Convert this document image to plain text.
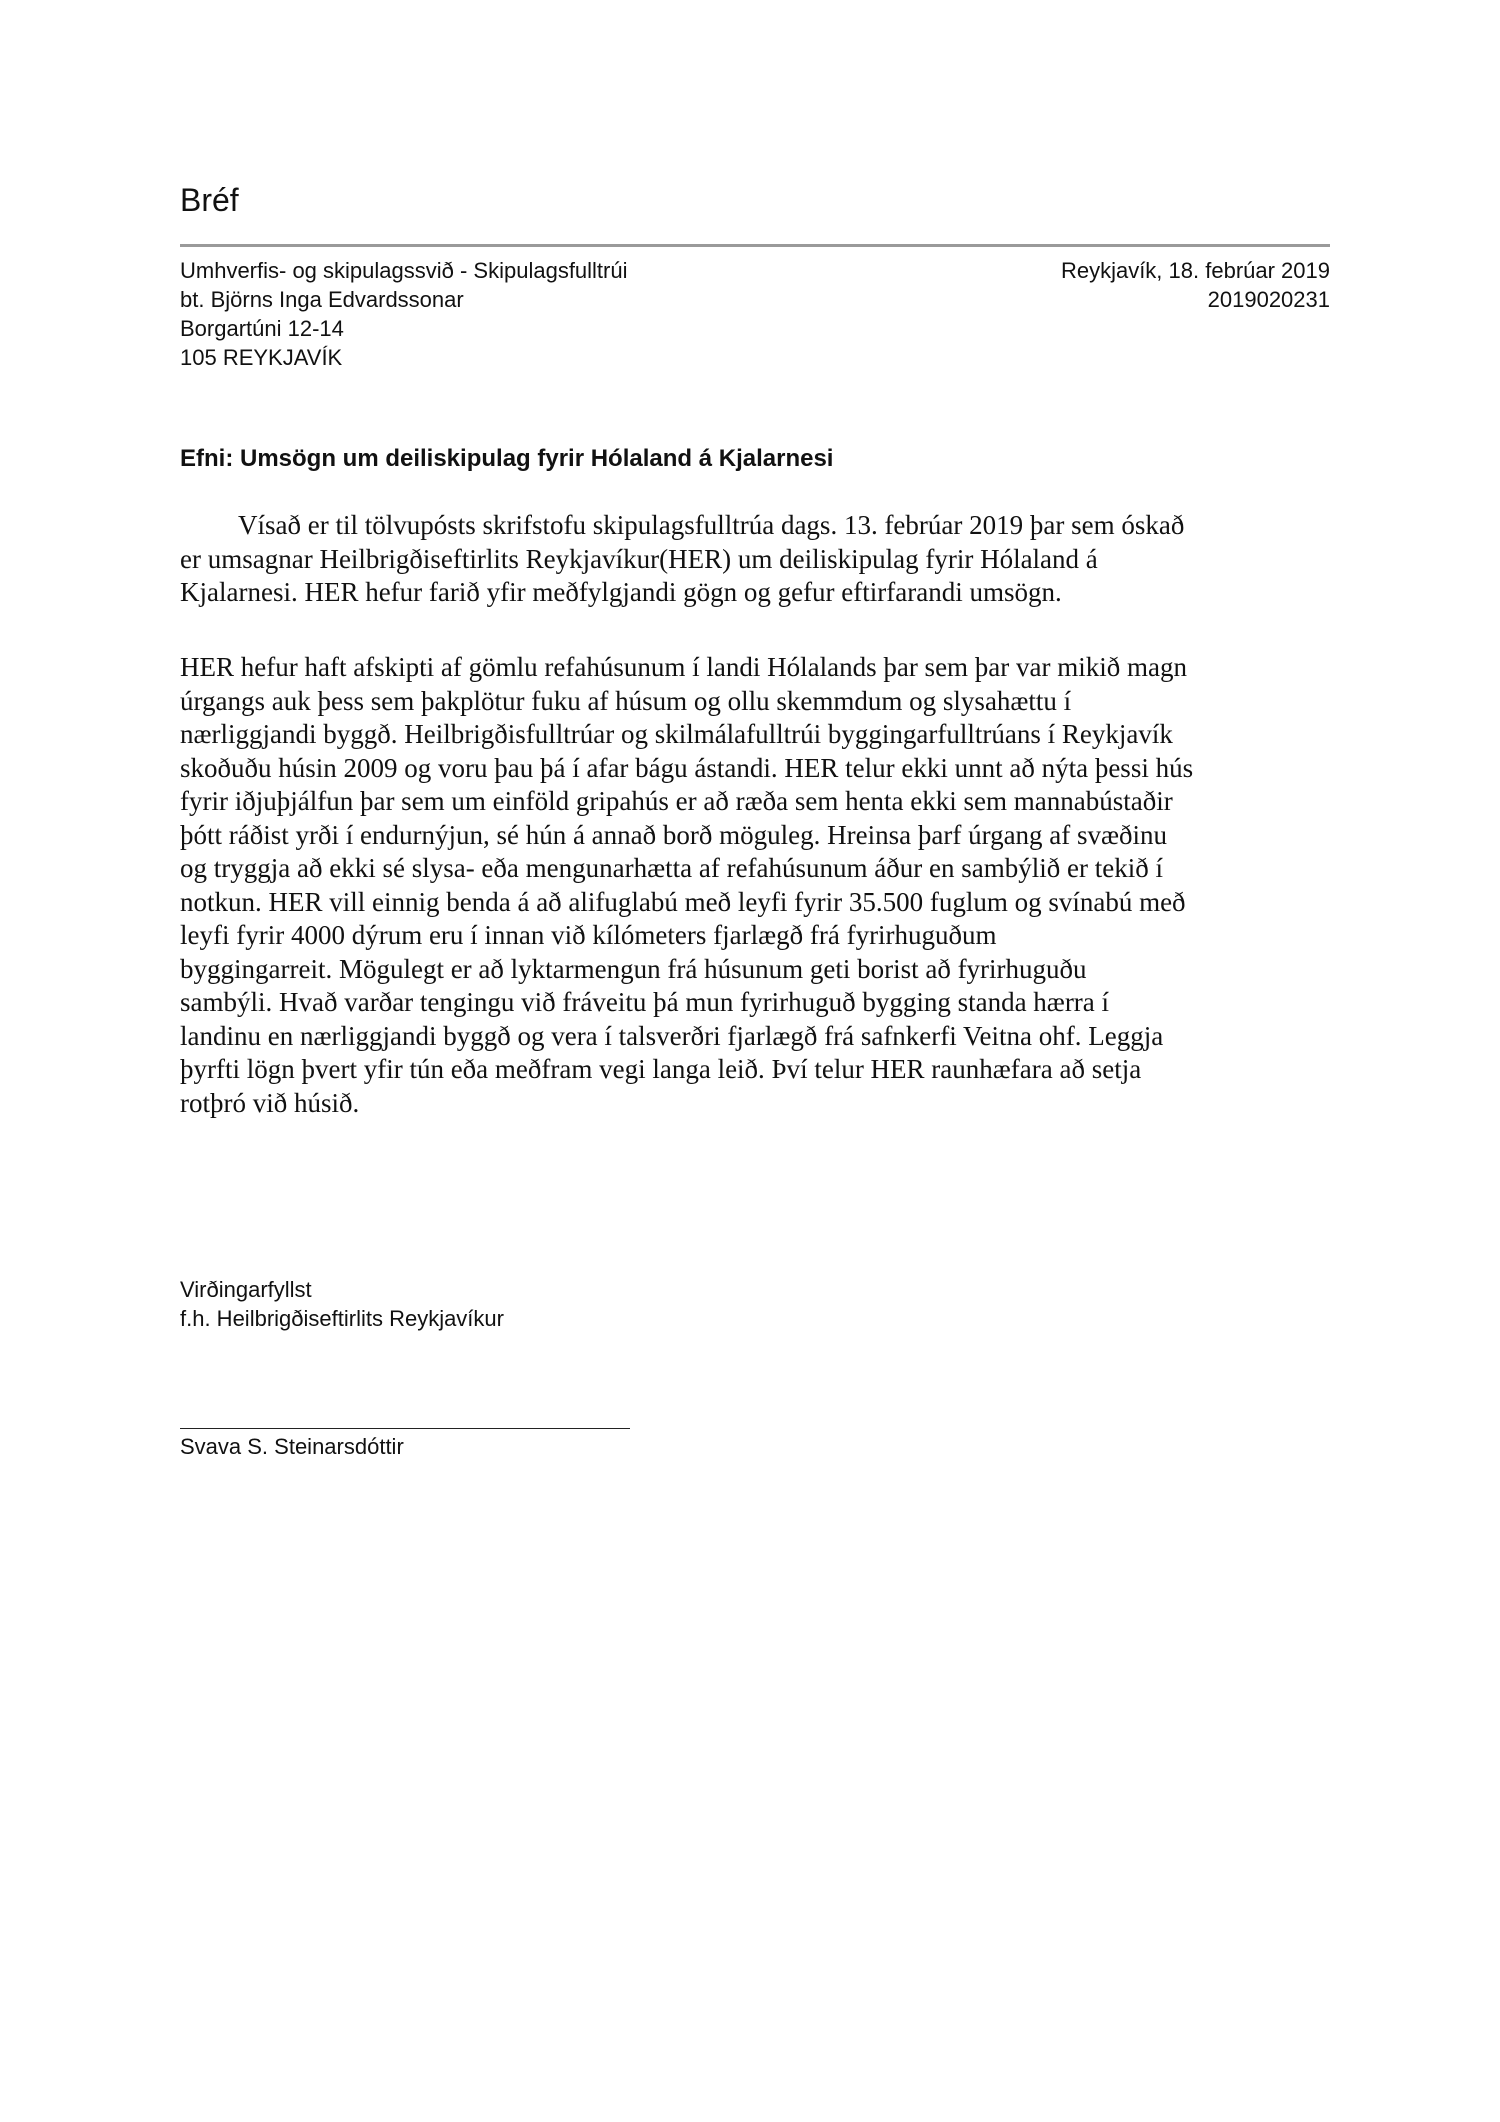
Bréf
Umhverfis- og skipulagssvið - Skipulagsfulltrúi
bt. Björns Inga Edvardssonar
Borgartúni 12-14
105 REYKJAVÍK
Reykjavík, 18. febrúar 2019
2019020231
Efni: Umsögn um deiliskipulag fyrir Hólaland á Kjalarnesi
Vísað er til tölvupósts skrifstofu skipulagsfulltrúa dags. 13. febrúar 2019 þar sem óskað
er umsagnar Heilbrigðiseftirlits Reykjavíkur(HER) um deiliskipulag fyrir Hólaland á
Kjalarnesi. HER hefur farið yfir meðfylgjandi gögn og gefur eftirfarandi umsögn.
HER hefur haft afskipti af gömlu refahúsunum í landi Hólalands þar sem þar var mikið magn
úrgangs auk þess sem þakplötur fuku af húsum og ollu skemmdum og slysahættu í
nærliggjandi byggð. Heilbrigðisfulltrúar og skilmálafulltrúi byggingarfulltrúans í Reykjavík
skoðuðu húsin 2009 og voru þau þá í afar bágu ástandi. HER telur ekki unnt að nýta þessi hús
fyrir iðjuþjálfun þar sem um einföld gripahús er að ræða sem henta ekki sem mannabústaðir
þótt ráðist yrði í endurnýjun, sé hún á annað borð möguleg. Hreinsa þarf úrgang af svæðinu
og tryggja að ekki sé slysa- eða mengunarhætta af refahúsunum áður en sambýlið er tekið í
notkun. HER vill einnig benda á að alifuglabú með leyfi fyrir 35.500 fuglum og svínabú með
leyfi fyrir 4000 dýrum eru í innan við kílómeters fjarlægð frá fyrirhuguðum
byggingarreit. Mögulegt er að lyktarmengun frá húsunum geti borist að fyrirhuguðu
sambýli. Hvað varðar tengingu við fráveitu þá mun fyrirhuguð bygging standa hærra í
landinu en nærliggjandi byggð og vera í talsverðri fjarlægð frá safnkerfi Veitna ohf. Leggja
þyrfti lögn þvert yfir tún eða meðfram vegi langa leið. Því telur HER raunhæfara að setja
rotþró við húsið.
Virðingarfyllst
f.h. Heilbrigðiseftirlits Reykjavíkur
Svava S. Steinarsdóttir
